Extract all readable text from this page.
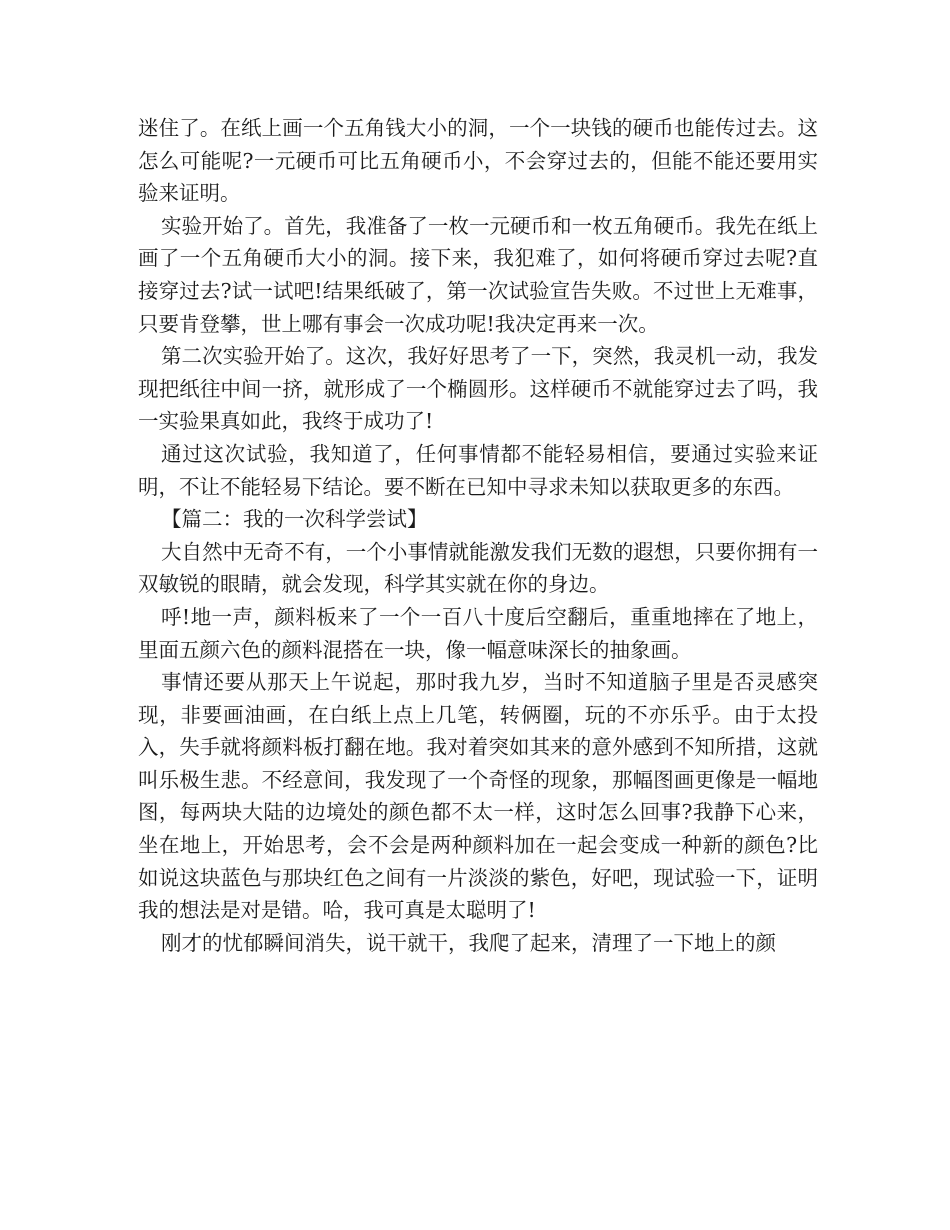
迷住了。在纸上画一个五角钱大小的洞，一个一块钱的硬币也能传过去。这怎么可能呢?一元硬币可比五角硬币小，不会穿过去的，但能不能还要用实验来证明。

实验开始了。首先，我准备了一枚一元硬币和一枚五角硬币。我先在纸上画了一个五角硬币大小的洞。接下来，我犯难了，如何将硬币穿过去呢?直接穿过去?试一试吧!结果纸破了，第一次试验宣告失败。不过世上无难事，只要肯登攀，世上哪有事会一次成功呢!我决定再来一次。

第二次实验开始了。这次，我好好思考了一下，突然，我灵机一动，我发现把纸往中间一挤，就形成了一个椭圆形。这样硬币不就能穿过去了吗，我一实验果真如此，我终于成功了!

通过这次试验，我知道了，任何事情都不能轻易相信，要通过实验来证明，不让不能轻易下结论。要不断在已知中寻求未知以获取更多的东西。

【篇二：我的一次科学尝试】

大自然中无奇不有，一个小事情就能激发我们无数的遐想，只要你拥有一双敏锐的眼睛，就会发现，科学其实就在你的身边。

呼!地一声，颜料板来了一个一百八十度后空翻后，重重地摔在了地上，里面五颜六色的颜料混搭在一块，像一幅意味深长的抽象画。

事情还要从那天上午说起，那时我九岁，当时不知道脑子里是否灵感突现，非要画油画，在白纸上点上几笔，转俩圈，玩的不亦乐乎。由于太投入，失手就将颜料板打翻在地。我对着突如其来的意外感到不知所措，这就叫乐极生悲。不经意间，我发现了一个奇怪的现象，那幅图画更像是一幅地图，每两块大陆的边境处的颜色都不太一样，这时怎么回事?我静下心来，坐在地上，开始思考，会不会是两种颜料加在一起会变成一种新的颜色?比如说这块蓝色与那块红色之间有一片淡淡的紫色，好吧，现试验一下，证明我的想法是对是错。哈，我可真是太聪明了!

刚才的忧郁瞬间消失，说干就干，我爬了起来，清理了一下地上的颜
